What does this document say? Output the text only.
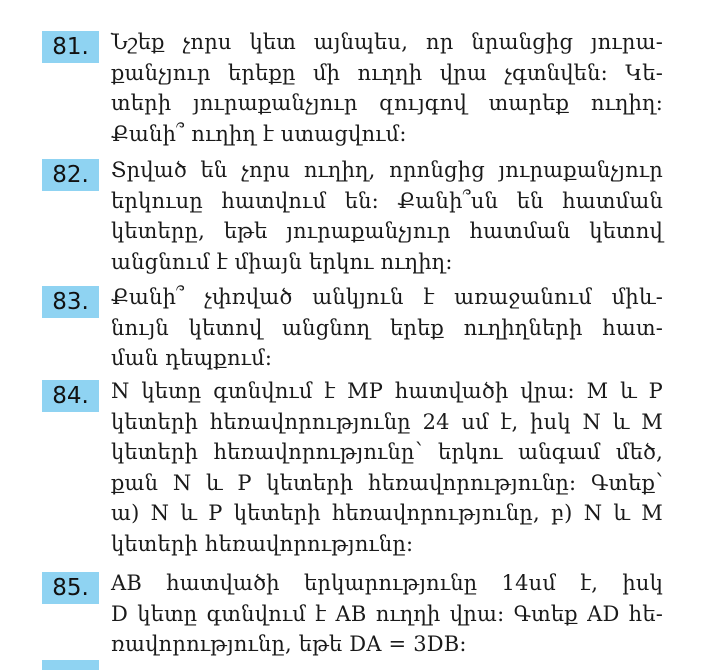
81.	Նշեք չորս կետ այնպես, որ նրանցից յուրա-
քանչյուր երեքը մի ուղղի վրա չգտնվեն: Կե-
տերի յուրաքանչյուր զույգով տարեք ուղիղ:
Քանի՞ ուղիղ է ստացվում:
82.	Տրված են չորս ուղիղ, որոնցից յուրաքանչյուր
երկուսը հատվում են: Քանի՞սն են հատման
կետերը, եթե յուրաքանչյուր հատման կետով
անցնում է միայն երկու ուղիղ:
83.	Քանի՞ չփռված անկյուն է առաջանում միև-
նույն կետով անցնող երեք ուղիղների հատ-
ման դեպքում:
84.	N կետը գտնվում է MP հատվածի վրա: M և P
կետերի հեռավորությունը 24 սմ է, իսկ N և M
կետերի հեռավորությունը՝ երկու անգամ մեծ,
քան N և P կետերի հեռավորությունը: Գտեք՝
ա) N և P կետերի հեռավորությունը, բ) N և M
կետերի հեռավորությունը:
85.	AB հատվածի երկարությունը 14սմ է, իսկ
D կետը գտնվում է AB ուղղի վրա: Գտեք AD հե-
ռավորությունը, եթե DA = 3DB:
